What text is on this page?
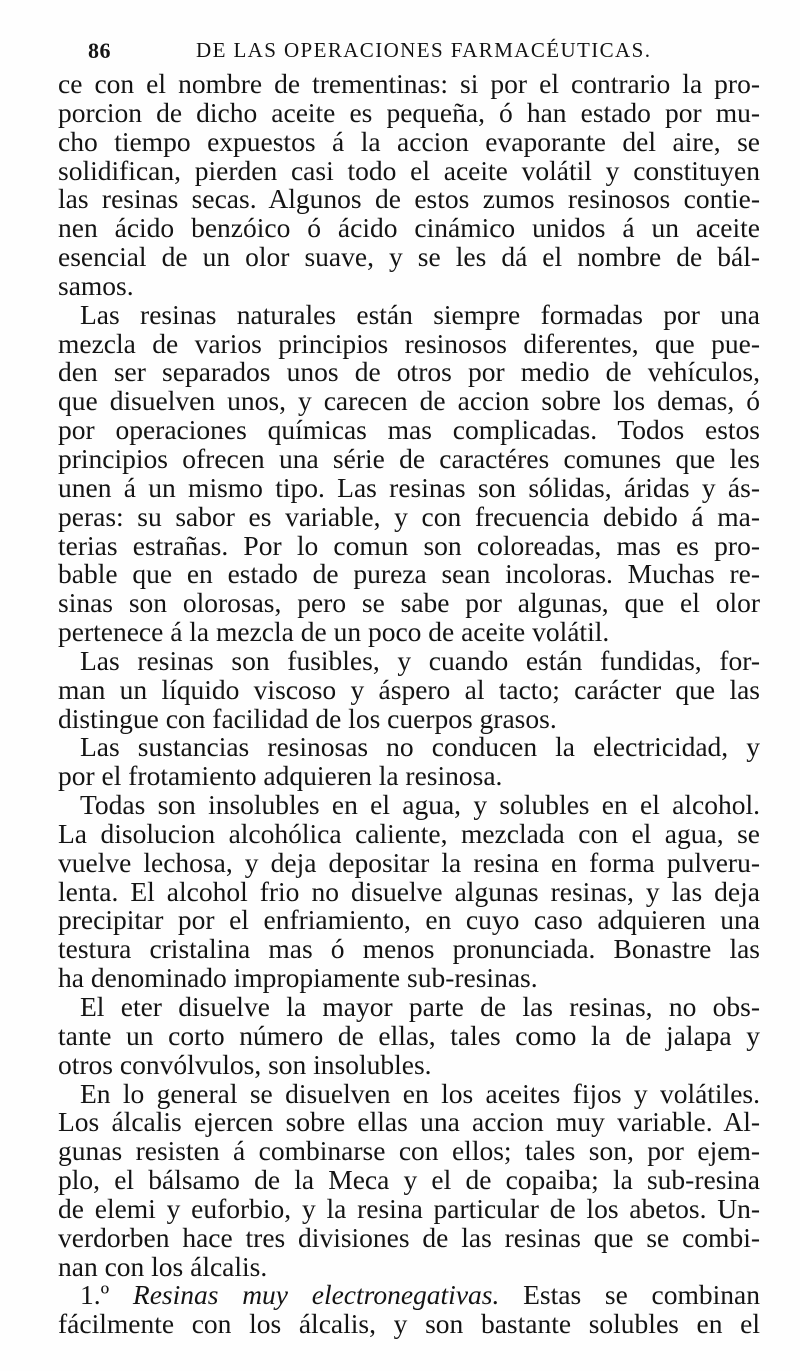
86	DE LAS OPERACIONES FARMACÉUTICAS.
ce con el nombre de trementinas: si por el contrario la pro-
porcion de dicho aceite es pequeña, ó han estado por mu-
cho tiempo expuestos á la accion evaporante del aire, se
solidifican, pierden casi todo el aceite volátil y constituyen
las resinas secas. Algunos de estos zumos resinosos contie-
nen ácido benzóico ó ácido cinámico unidos á un aceite
esencial de un olor suave, y se les dá el nombre de bál-
samos.
Las resinas naturales están siempre formadas por una
mezcla de varios principios resinosos diferentes, que pue-
den ser separados unos de otros por medio de vehículos,
que disuelven unos, y carecen de accion sobre los demas, ó
por operaciones químicas mas complicadas. Todos estos
principios ofrecen una série de caractéres comunes que les
unen á un mismo tipo. Las resinas son sólidas, áridas y ás-
peras: su sabor es variable, y con frecuencia debido á ma-
terias estrañas. Por lo comun son coloreadas, mas es pro-
bable que en estado de pureza sean incoloras. Muchas re-
sinas son olorosas, pero se sabe por algunas, que el olor
pertenece á la mezcla de un poco de aceite volátil.
Las resinas son fusibles, y cuando están fundidas, for-
man un líquido viscoso y áspero al tacto; carácter que las
distingue con facilidad de los cuerpos grasos.
Las sustancias resinosas no conducen la electricidad, y
por el frotamiento adquieren la resinosa.
Todas son insolubles en el agua, y solubles en el alcohol.
La disolucion alcohólica caliente, mezclada con el agua, se
vuelve lechosa, y deja depositar la resina en forma pulveru-
lenta. El alcohol frio no disuelve algunas resinas, y las deja
precipitar por el enfriamiento, en cuyo caso adquieren una
testura cristalina mas ó menos pronunciada. Bonastre las
ha denominado impropiamente sub-resinas.
El eter disuelve la mayor parte de las resinas, no obs-
tante un corto número de ellas, tales como la de jalapa y
otros convólvulos, son insolubles.
En lo general se disuelven en los aceites fijos y volátiles.
Los álcalis ejercen sobre ellas una accion muy variable. Al-
gunas resisten á combinarse con ellos; tales son, por ejem-
plo, el bálsamo de la Meca y el de copaiba; la sub-resina
de elemi y euforbio, y la resina particular de los abetos. Un-
verdorben hace tres divisiones de las resinas que se combi-
nan con los álcalis.
1.º Resinas muy electronegativas. Estas se combinan
fácilmente con los álcalis, y son bastante solubles en el
